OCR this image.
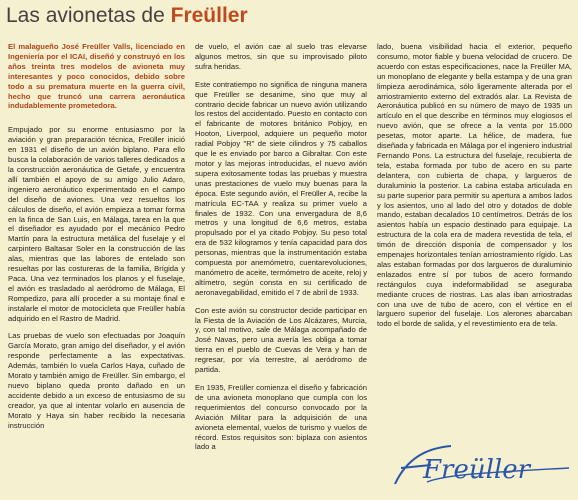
Las avionetas de Freüller

El malagueño José Freüller Valls, licenciado en Ingeniería por el ICAI, diseñó y construyó en los años treinta tres modelos de avioneta muy interesantes y poco conocidos, debido sobre todo a su prematura muerte en la guerra civil, hecho que truncó una carrera aeronáutica indudablemente prometedora.

Empujado por su enorme entusiasmo por la aviación y gran preparación técnica, Freüller inició en 1931 el diseño de un avión biplano. Para ello busca la colaboración de varios talleres dedicados a la construcción aeronáutica de Getafe, y encuentra allí también el apoyo de su amigo Julio Adaro, ingeniero aeronáutico experimentado en el campo del diseño de aviones. Una vez resueltos los cálculos de diseño, el avión empieza a tomar forma en la finca de San Luis, en Málaga, tarea en la que el diseñador es ayudado por el mecánico Pedro Martín para la estructura metálica del fuselaje y el carpintero Baltasar Soler en la construcción de las alas, mientras que las labores de entelado son resueltas por las costureras de la familia, Brígida y Paca. Una vez terminados los planos y el fuselaje, el avión es trasladado al aeródromo de Málaga, El Rompedizo, para allí proceder a su montaje final e instalarle el motor de motocicleta que Freüller había adquirido en el Rastro de Madrid.

Las pruebas de vuelo son efectuadas por Joaquín García Morato, gran amigo del diseñador, y el avión responde perfectamente a las expectativas. Además, también lo vuela Carlos Haya, cuñado de Morato y también amigo de Freüller. Sin embargo, el nuevo biplano queda pronto dañado en un accidente debido a un exceso de entusiasmo de su creador, ya que al intentar volarlo en ausencia de Morato y Haya sin haber recibido la necesaria instrucción

de vuelo, el avión cae al suelo tras elevarse algunos metros, sin que su improvisado piloto sufra heridas.

Este contratiempo no significa de ninguna manera que Freüller se desanime, sino que muy al contrario decide fabricar un nuevo avión utilizando los restos del accidentado. Puesto en contacto con el fabricante de motores británico Pobjoy, en Hooton, Liverpool, adquiere un pequeño motor radial Pobjoy "R" de siete cilindros y 75 caballos que le es enviado por barco a Gibraltar. Con este motor y las mejoras introducidas, el nuevo avión supera exitosamente todas las pruebas y muestra unas prestaciones de vuelo muy buenas para la época. Este segundo avión, el Freüller A, recibe la matrícula EC-TAA y realiza su primer vuelo a finales de 1932. Con una envergadura de 8,6 metros y una longitud de 6,6 metros, estaba propulsado por el ya citado Pobjoy. Su peso total era de 532 kilogramos y tenía capacidad para dos personas, mientras que la instrumentación estaba compuesta por anemómetro, cuentarevoluciones, manómetro de aceite, termómetro de aceite, reloj y altímetro, según consta en su certificado de aeronavegabilidad, emitido el 7 de abril de 1933.

Con este avión su constructor decide participar en la Fiesta de la Aviación de Los Alcázares, Murcia, y, con tal motivo, sale de Málaga acompañado de José Navas, pero una avería les obliga a tomar tierra en el pueblo de Cuevas de Vera y han de regresar, por vía terrestre, al aeródromo de partida.

En 1935, Freüller comienza el diseño y fabricación de una avioneta monoplano que cumpla con los requerimientos del concurso convocado por la Aviación Militar para la adquisición de una avioneta elemental, vuelos de turismo y vuelos de récord. Estos requisitos son: biplaza con asientos lado a

lado, buena visibilidad hacia el exterior, pequeño consumo, motor fiable y buena velocidad de crucero. De acuerdo con estas especificaciones, nace la Freüller MA, un monoplano de elegante y bella estampa y de una gran limpieza aerodinámica, sólo ligeramente alterada por el arriostramiento externo del extradós alar. La Revista de Aeronáutica publicó en su número de mayo de 1935 un artículo en el que describe en términos muy elogiosos el nuevo avión, que se ofrece a la venta por 15.000 pesetas, motor aparte. La hélice, de madera, fue diseñada y fabricada en Málaga por el ingeniero industrial Fernando Pons. La estructura del fuselaje, recubierta de tela, estaba formada por tubo de acero en su parte delantera, con cubierta de chapa, y largueros de duraluminio la posterior. La cabina estaba articulada en su parte superior para permitir su apertura a ambos lados y los asientos, uno al lado del otro y dotados de doble mando, estaban decalados 10 centímetros. Detrás de los asientos había un espacio destinado para equipaje. La estructura de la cola era de madera revestida de tela, el timón de dirección disponía de compensador y los empenajes horizontales tenían arriostramiento rígido. Las alas estaban formadas por dos largueros de duraluminio enlazados entre sí por tubos de acero formando rectángulos cuya indeformabilidad se aseguraba mediante cruces de riostras. Las alas iban arriostradas con una uve de tubo de acero, con el vértice en el larguero superior del fuselaje. Los alerones abarcaban todo el borde de salida, y el revestimiento era de tela.

Freüller
